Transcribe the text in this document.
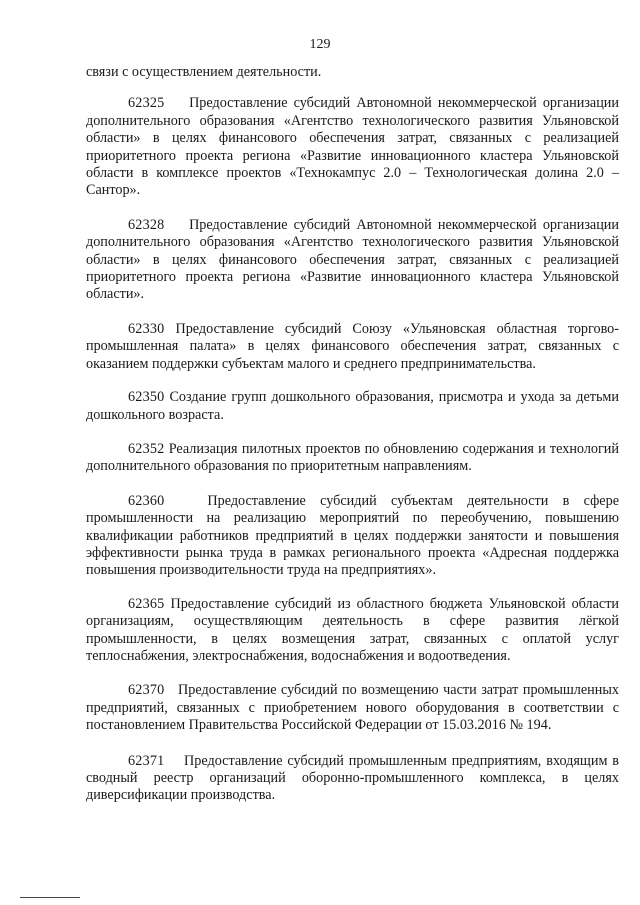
129

связи с осуществлением деятельности.

62325 Предоставление субсидий Автономной некоммерческой организации дополнительного образования «Агентство технологического развития Ульяновской области» в целях финансового обеспечения затрат, связанных с реализацией приоритетного проекта региона «Развитие инновационного кластера Ульяновской области в комплексе проектов «Технокампус 2.0 – Технологическая долина 2.0 – Сантор».

62328 Предоставление субсидий Автономной некоммерческой организации дополнительного образования «Агентство технологического развития Ульяновской области» в целях финансового обеспечения затрат, связанных с реализацией приоритетного проекта региона «Развитие инновационного кластера Ульяновской области».

62330 Предоставление субсидий Союзу «Ульяновская областная торгово-промышленная палата» в целях финансового обеспечения затрат, связанных с оказанием поддержки субъектам малого и среднего предпринимательства.

62350 Создание групп дошкольного образования, присмотра и ухода за детьми дошкольного возраста.

62352 Реализация пилотных проектов по обновлению содержания и технологий дополнительного образования по приоритетным направлениям.

62360	Предоставление субсидий субъектам деятельности в сфере промышленности на реализацию мероприятий по переобучению, повышению квалификации работников предприятий в целях поддержки занятости и повышения эффективности рынка труда в рамках регионального проекта «Адресная поддержка повышения производительности труда на предприятиях».

62365 Предоставление субсидий из областного бюджета Ульяновской области организациям, осуществляющим деятельность в сфере развития лёгкой промышленности, в целях возмещения затрат, связанных с оплатой услуг теплоснабжения, электроснабжения, водоснабжения и водоотведения.

62370 Предоставление субсидий по возмещению части затрат промышленных предприятий, связанных с приобретением нового оборудования в соответствии с постановлением Правительства Российской Федерации от 15.03.2016 № 194.

62371 Предоставление субсидий промышленным предприятиям, входящим в сводный реестр организаций оборонно-промышленного комплекса, в целях диверсификации производства.
